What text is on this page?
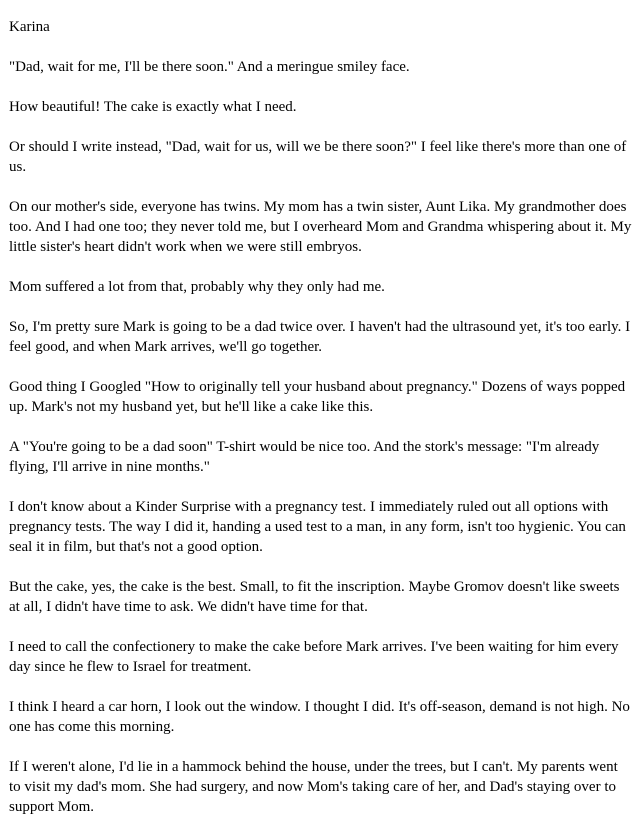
Karina

"Dad, wait for me, I'll be there soon." And a meringue smiley face.

How beautiful! The cake is exactly what I need.

Or should I write instead, "Dad, wait for us, will we be there soon?" I feel like there's more than one of us.

On our mother's side, everyone has twins. My mom has a twin sister, Aunt Lika. My grandmother does too. And I had one too; they never told me, but I overheard Mom and Grandma whispering about it. My little sister's heart didn't work when we were still embryos.

Mom suffered a lot from that, probably why they only had me.

So, I'm pretty sure Mark is going to be a dad twice over. I haven't had the ultrasound yet, it's too early. I feel good, and when Mark arrives, we'll go together.

Good thing I Googled "How to originally tell your husband about pregnancy." Dozens of ways popped up. Mark's not my husband yet, but he'll like a cake like this.

A "You're going to be a dad soon" T-shirt would be nice too. And the stork's message: "I'm already flying, I'll arrive in nine months."

I don't know about a Kinder Surprise with a pregnancy test. I immediately ruled out all options with pregnancy tests. The way I did it, handing a used test to a man, in any form, isn't too hygienic. You can seal it in film, but that's not a good option.

But the cake, yes, the cake is the best. Small, to fit the inscription. Maybe Gromov doesn't like sweets at all, I didn't have time to ask. We didn't have time for that.

I need to call the confectionery to make the cake before Mark arrives. I've been waiting for him every day since he flew to Israel for treatment.

I think I heard a car horn, I look out the window. I thought I did. It's off-season, demand is not high. No one has come this morning.

If I weren't alone, I'd lie in a hammock behind the house, under the trees, but I can't. My parents went to visit my dad's mom. She had surgery, and now Mom's taking care of her, and Dad's staying over to support Mom.
